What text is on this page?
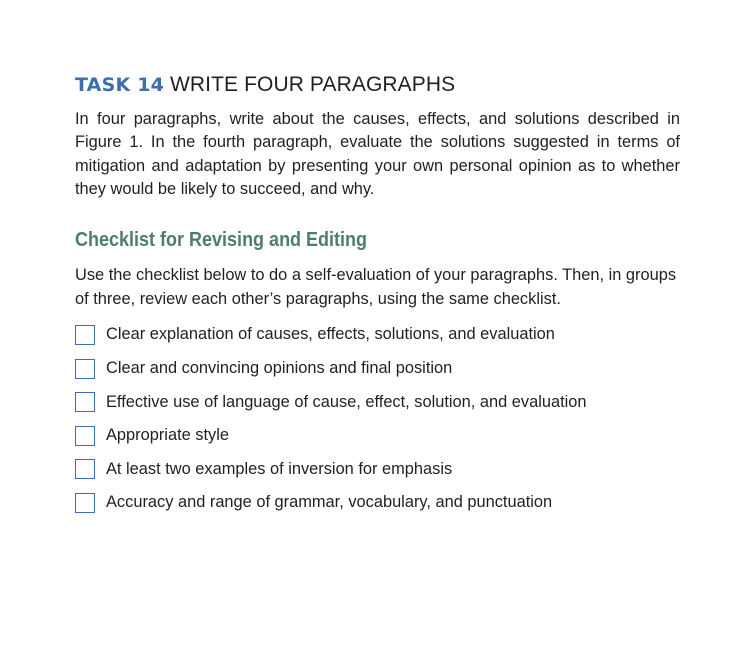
TASK 14 WRITE FOUR PARAGRAPHS

In four paragraphs, write about the causes, effects, and solutions described in Figure 1. In the fourth paragraph, evaluate the solutions suggested in terms of mitigation and adaptation by presenting your own personal opinion as to whether they would be likely to succeed, and why.

Checklist for Revising and Editing

Use the checklist below to do a self-evaluation of your paragraphs. Then, in groups of three, review each other’s paragraphs, using the same checklist.

Clear explanation of causes, effects, solutions, and evaluation
Clear and convincing opinions and final position
Effective use of language of cause, effect, solution, and evaluation
Appropriate style
At least two examples of inversion for emphasis
Accuracy and range of grammar, vocabulary, and punctuation
